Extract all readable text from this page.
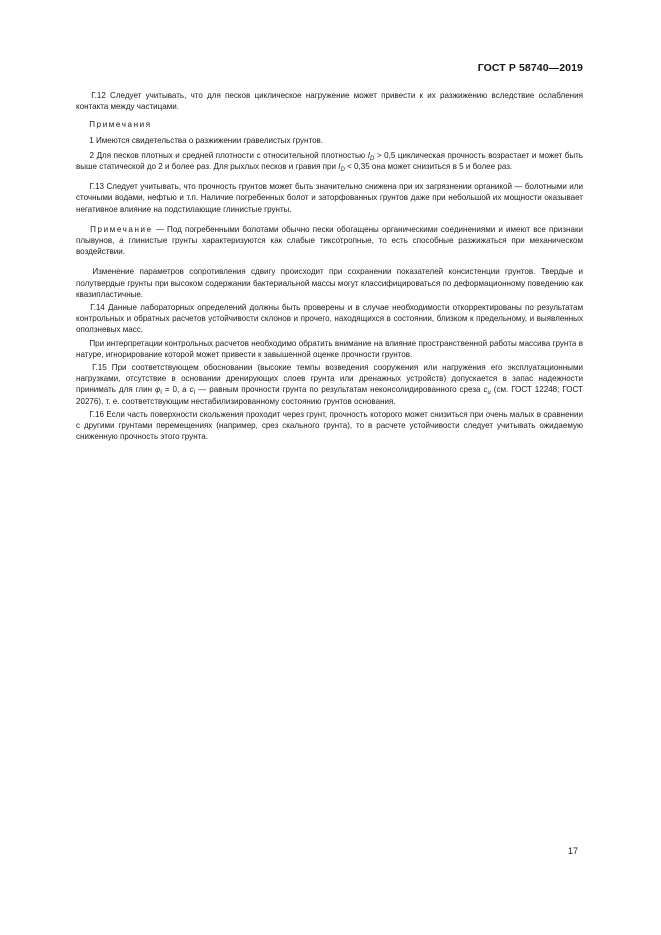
ГОСТ Р 58740—2019

Г.12 Следует учитывать, что для песков циклическое нагружение может привести к их разжижению вследствие ослабления контакта между частицами.

Примечания

1 Имеются свидетельства о разжижении гравелистых грунтов.

2 Для песков плотных и средней плотности с относительной плотностью $I_D > 0,5$ циклическая прочность возрастает и может быть выше статической до 2 и более раз. Для рыхлых песков и гравия при $I_D < 0,35$ она может снизиться в 5 и более раз.

Г.13 Следует учитывать, что прочность грунтов может быть значительно снижена при их загрязнении органикой — болотными или сточными водами, нефтью и т.п. Наличие погребенных болот и заторфованных грунтов даже при небольшой их мощности оказывает негативное влияние на подстилающие глинистые грунты.

Примечание — Под погребенными болотами обычно пески обогащены органическими соединениями и имеют все признаки плывунов, а глинистые грунты характеризуются как слабые тиксотропные, то есть способные разжижаться при механическом воздействии.

Изменение параметров сопротивления сдвигу происходит при сохранении показателей консистенции грунтов. Твердые и полутвердые грунты при высоком содержании бактериальной массы могут классифицироваться по деформационному поведению как квазипластичные.

Г.14 Данные лабораторных определений должны быть проверены и в случае необходимости откорректированы по результатам контрольных и обратных расчетов устойчивости склонов и прочего, находящихся в состоянии, близком к предельному, и выявленных оползневых масс.

При интерпретации контрольных расчетов необходимо обратить внимание на влияние пространственной работы массива грунта в натуре, игнорирование которой может привести к завышенной оценке прочности грунтов.

Г.15 При соответствующем обосновании (высокие темпы возведения сооружения или нагружения его эксплуатационными нагрузками, отсутствие в основании дренирующих слоев грунта или дренажных устройств) допускается в запас надежности принимать для глин $\varphi_I = 0$, а $c_I$ — равным прочности грунта по результатам неконсолидированного среза $c_u$ (см. ГОСТ 12248; ГОСТ 20276), т. е. соответствующим нестабилизированному состоянию грунтов основания.

Г.16 Если часть поверхности скольжения проходит через грунт, прочность которого может снизиться при очень малых в сравнении с другими грунтами перемещениях (например, срез скального грунта), то в расчете устойчивости следует учитывать ожидаемую сниженную прочность этого грунта.

17
